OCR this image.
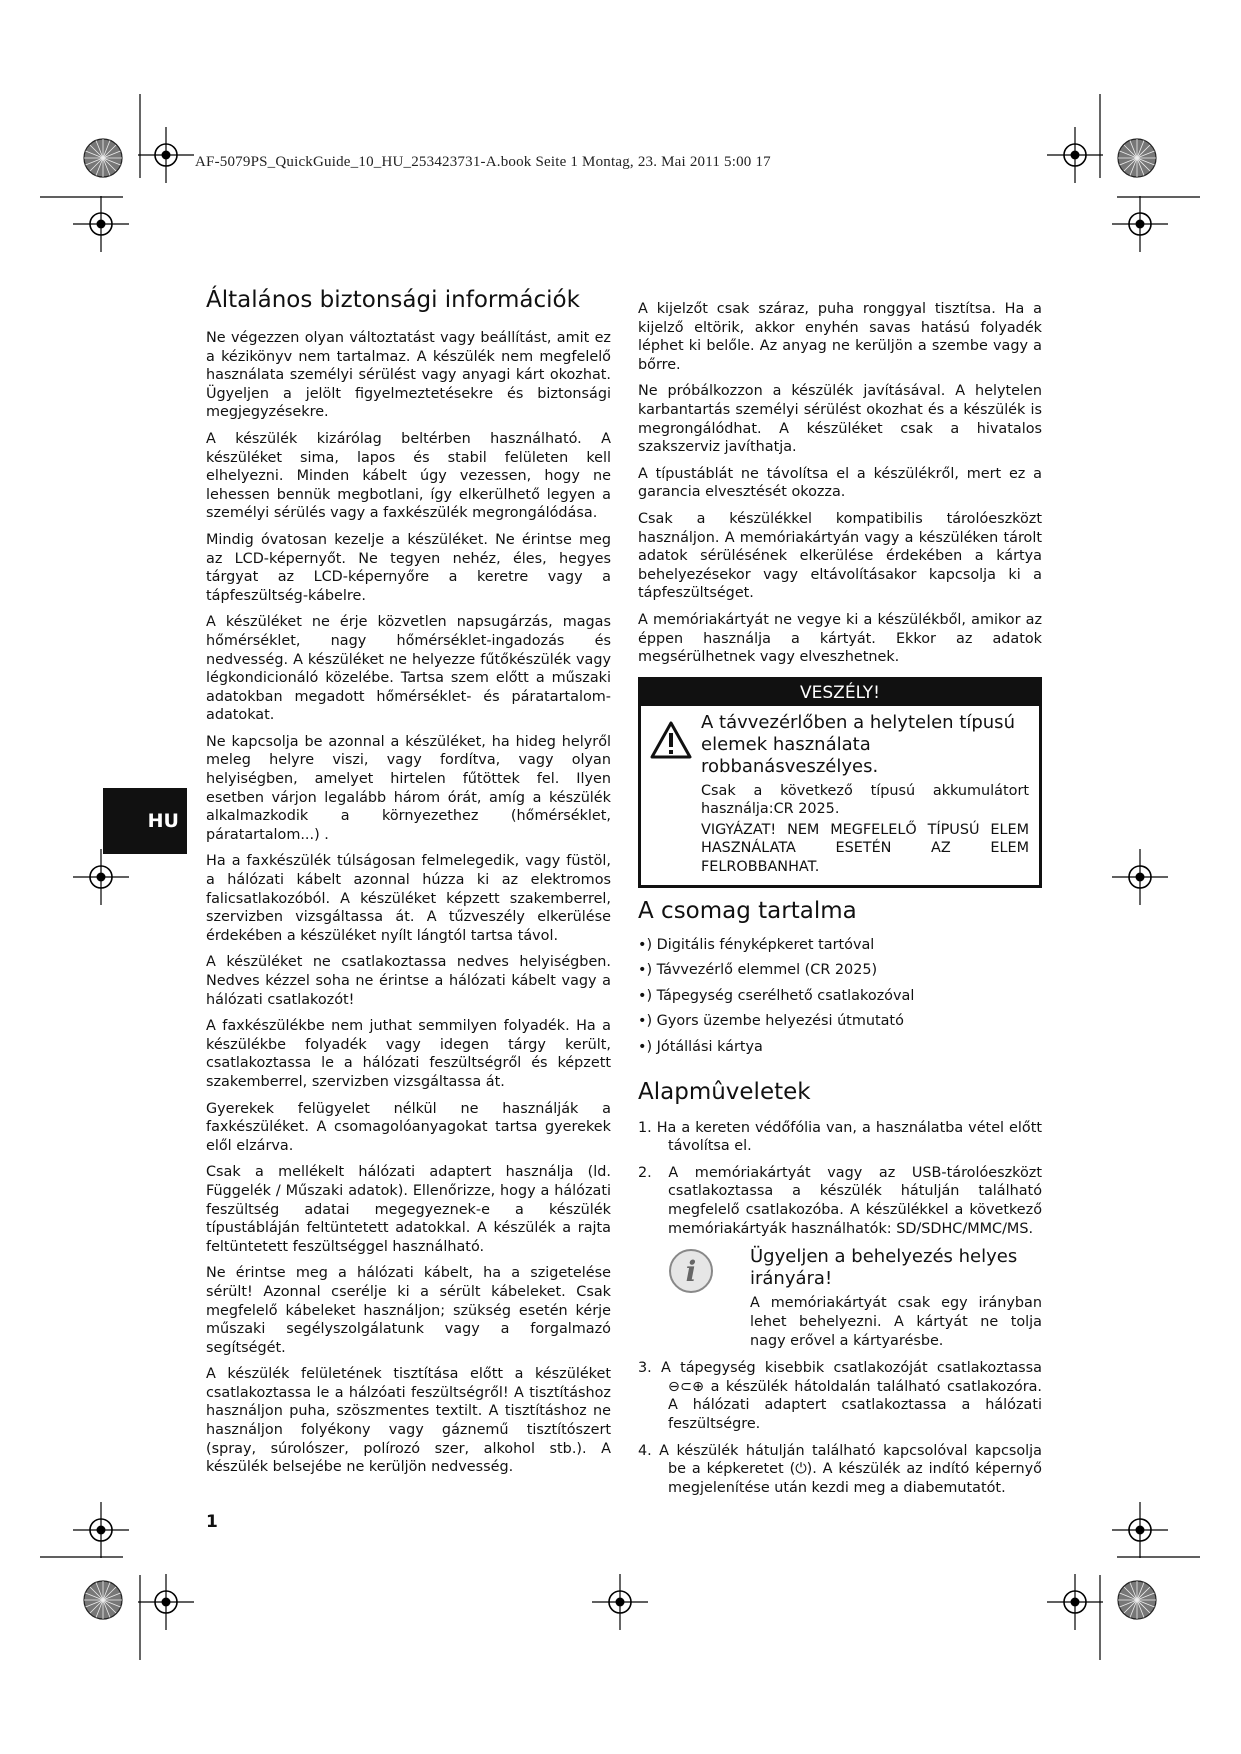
AF-5079PS_QuickGuide_10_HU_253423731-A.book Seite 1 Montag, 23. Mai 2011 5:00 17
HU
Általános biztonsági információk

Ne végezzen olyan változtatást vagy beállítást, amit ez a kézikönyv nem tartalmaz. A készülék nem megfelelő használata személyi sérülést vagy anyagi kárt okozhat. Ügyeljen a jelölt figyelmeztetésekre és biztonsági megjegyzésekre.

A készülék kizárólag beltérben használható. A készüléket sima, lapos és stabil felületen kell elhelyezni. Minden kábelt úgy vezessen, hogy ne lehessen bennük megbotlani, így elkerülhető legyen a személyi sérülés vagy a faxkészülék megrongálódása.

Mindig óvatosan kezelje a készüléket. Ne érintse meg az LCD-képernyőt. Ne tegyen nehéz, éles, hegyes tárgyat az LCD-képernyőre a keretre vagy a tápfeszültség-kábelre.

A készüléket ne érje közvetlen napsugárzás, magas hőmérséklet, nagy hőmérséklet-ingadozás és nedvesség. A készüléket ne helyezze fűtőkészülék vagy légkondicionáló közelébe. Tartsa szem előtt a műszaki adatokban megadott hőmérséklet- és páratartalom-adatokat.

Ne kapcsolja be azonnal a készüléket, ha hideg helyről meleg helyre viszi, vagy fordítva, vagy olyan helyiségben, amelyet hirtelen fűtöttek fel. Ilyen esetben várjon legalább három órát, amíg a készülék alkalmazkodik a környezethez (hőmérséklet, páratartalom...) .

Ha a faxkészülék túlságosan felmelegedik, vagy füstöl, a hálózati kábelt azonnal húzza ki az elektromos falicsatlakozóból. A készüléket képzett szakemberrel, szervizben vizsgáltassa át. A tűzveszély elkerülése érdekében a készüléket nyílt lángtól tartsa távol.

A készüléket ne csatlakoztassa nedves helyiségben. Nedves kézzel soha ne érintse a hálózati kábelt vagy a hálózati csatlakozót!

A faxkészülékbe nem juthat semmilyen folyadék. Ha a készülékbe folyadék vagy idegen tárgy került, csatlakoztassa le a hálózati feszültségről és képzett szakemberrel, szervizben vizsgáltassa át.

Gyerekek felügyelet nélkül ne használják a faxkészüléket. A csomagolóanyagokat tartsa gyerekek elől elzárva.

Csak a mellékelt hálózati adaptert használja (ld. Függelék / Műszaki adatok). Ellenőrizze, hogy a hálózati feszültség adatai megegyeznek-e a készülék típustábláján feltüntetett adatokkal. A készülék a rajta feltüntetett feszültséggel használható.

Ne érintse meg a hálózati kábelt, ha a szigetelése sérült! Azonnal cserélje ki a sérült kábeleket. Csak megfelelő kábeleket használjon; szükség esetén kérje műszaki segélyszolgálatunk vagy a forgalmazó segítségét.

A készülék felületének tisztítása előtt a készüléket csatlakoztassa le a hálzóati feszültségről! A tisztításhoz használjon puha, szöszmentes textilt. A tisztításhoz ne használjon folyékony vagy gáznemű tisztítószert (spray, súrolószer, polírozó szer, alkohol stb.). A készülék belsejébe ne kerüljön nedvesség.

A kijelzőt csak száraz, puha ronggyal tisztítsa. Ha a kijelző eltörik, akkor enyhén savas hatású folyadék léphet ki belőle. Az anyag ne kerüljön a szembe vagy a bőrre.

Ne próbálkozzon a készülék javításával. A helytelen karbantartás személyi sérülést okozhat és a készülék is megrongálódhat. A készüléket csak a hivatalos szakszerviz javíthatja.

A típustáblát ne távolítsa el a készülékről, mert ez a garancia elvesztését okozza.

Csak a készülékkel kompatibilis tárolóeszközt használjon. A memóriakártyán vagy a készüléken tárolt adatok sérülésének elkerülése érdekében a kártya behelyezésekor vagy eltávolításakor kapcsolja ki a tápfeszültséget.

A memóriakártyát ne vegye ki a készülékből, amikor az éppen használja a kártyát. Ekkor az adatok megsérülhetnek vagy elveszhetnek.

VESZÉLY!

A távvezérlőben a helytelen típusú elemek használata robbanásveszélyes.

Csak a következő típusú akkumulátort használja:CR 2025.

VIGYÁZAT! NEM MEGFELELŐ TÍPUSÚ ELEM HASZNÁLATA ESETÉN AZ ELEM FELROBBANHAT.

A csomag tartalma

•) Digitális fényképkeret tartóval

•) Távvezérlő elemmel (CR 2025)

•) Tápegység cserélhető csatlakozóval

•) Gyors üzembe helyezési útmutató

•) Jótállási kártya

Alapmûveletek

1. Ha a kereten védőfólia van, a használatba vétel előtt távolítsa el.

2. A memóriakártyát vagy az USB-tárolóeszközt csatlakoztassa a készülék hátulján található megfelelő csatlakozóba. A készülékkel a következő memóriakártyák használhatók: SD/SDHC/MMC/MS.

i	Ügyeljen a behelyezés helyes irányára!
A memóriakártyát csak egy irányban lehet behelyezni. A kártyát ne tolja nagy erővel a kártyarésbe.

3. A tápegység kisebbik csatlakozóját csatlakoztassa ⊖⊂⊕ a készülék hátoldalán található csatlakozóra. A hálózati adaptert csatlakoztassa a hálózati feszültségre.

4. A készülék hátulján található kapcsolóval kapcsolja be a képkeretet (⏻). A készülék az indító képernyő megjelenítése után kezdi meg a diabemutatót.

1
